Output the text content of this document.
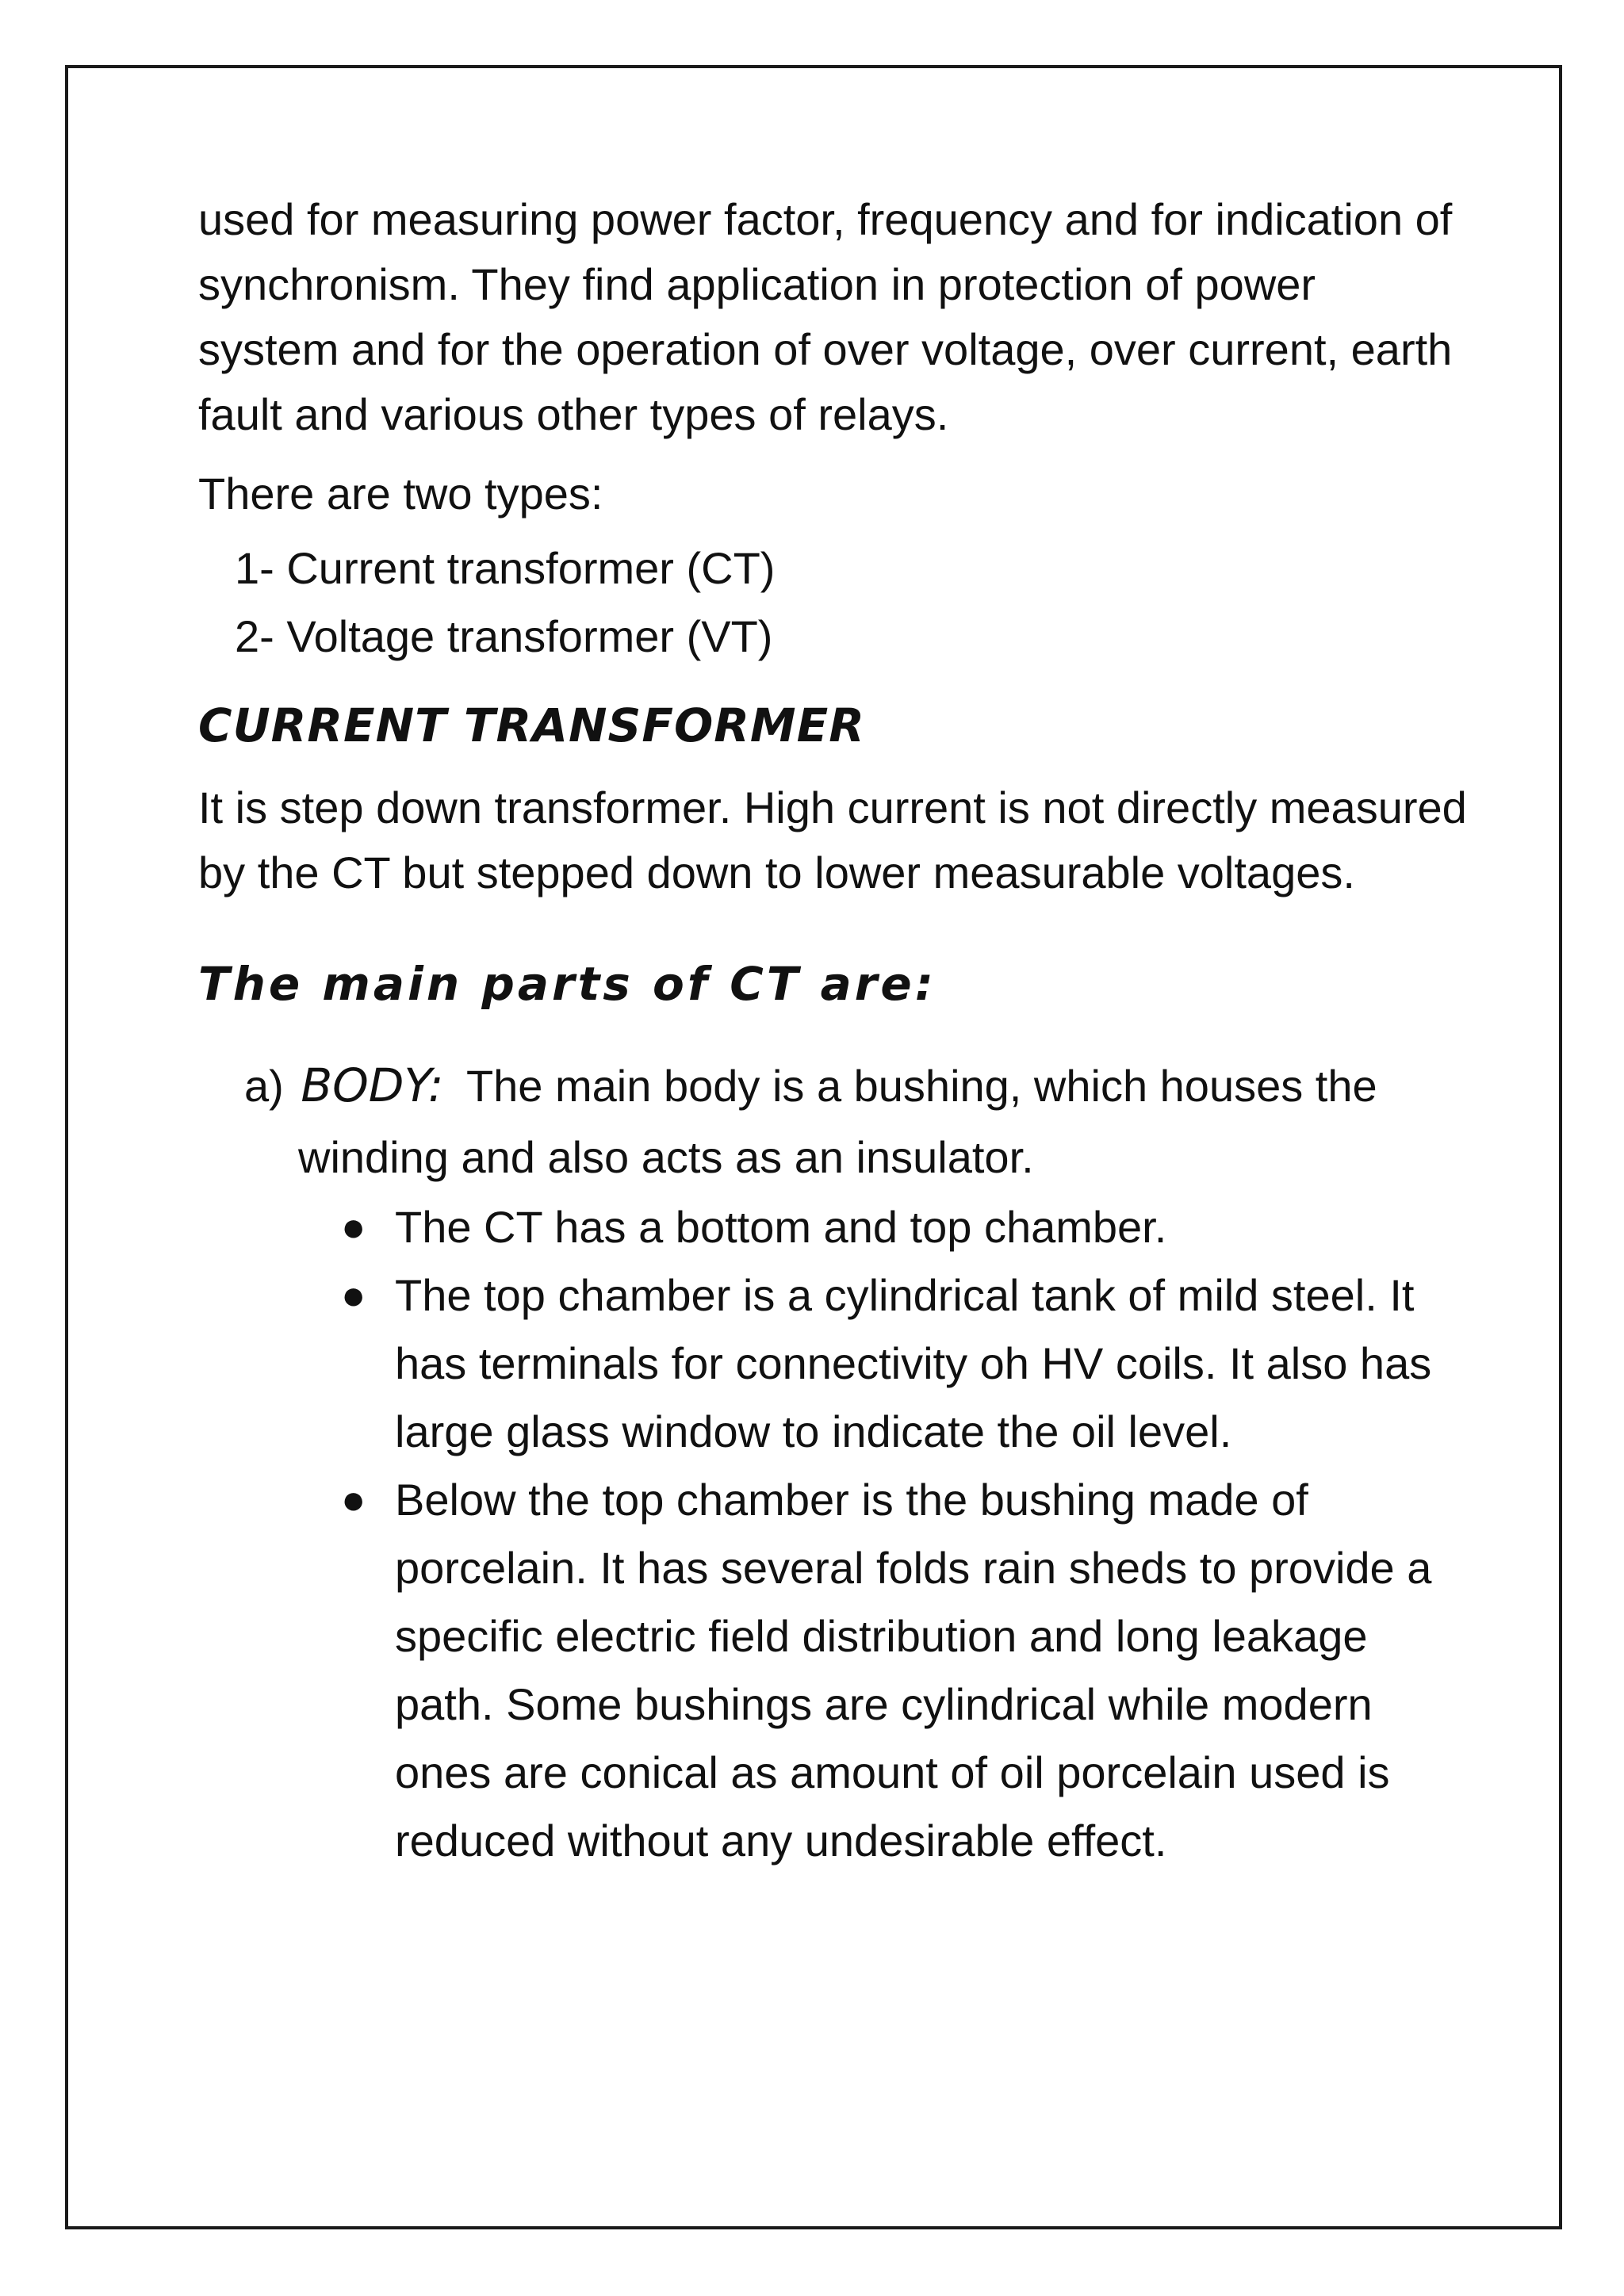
used for measuring power factor, frequency and for indication of synchronism. They find application in protection of power system and for the operation of over voltage, over current, earth fault and various other types of relays.

There are two types:

1- Current transformer (CT)
2- Voltage transformer (VT)
CURRENT TRANSFORMER

It is step down transformer. High current is not directly measured by the CT but stepped down to lower measurable voltages.

The main parts of CT are:
a) BODY: The main body is a bushing, which houses the
winding and also acts as an insulator.
● The CT has a bottom and top chamber.
● The top chamber is a cylindrical tank of mild steel. It has terminals for connectivity oh HV coils. It also has large glass window to indicate the oil level.
● Below the top chamber is the bushing made of porcelain. It has several folds rain sheds to provide a specific electric field distribution and long leakage path. Some bushings are cylindrical while modern ones are conical as amount of oil porcelain used is reduced without any undesirable effect.
